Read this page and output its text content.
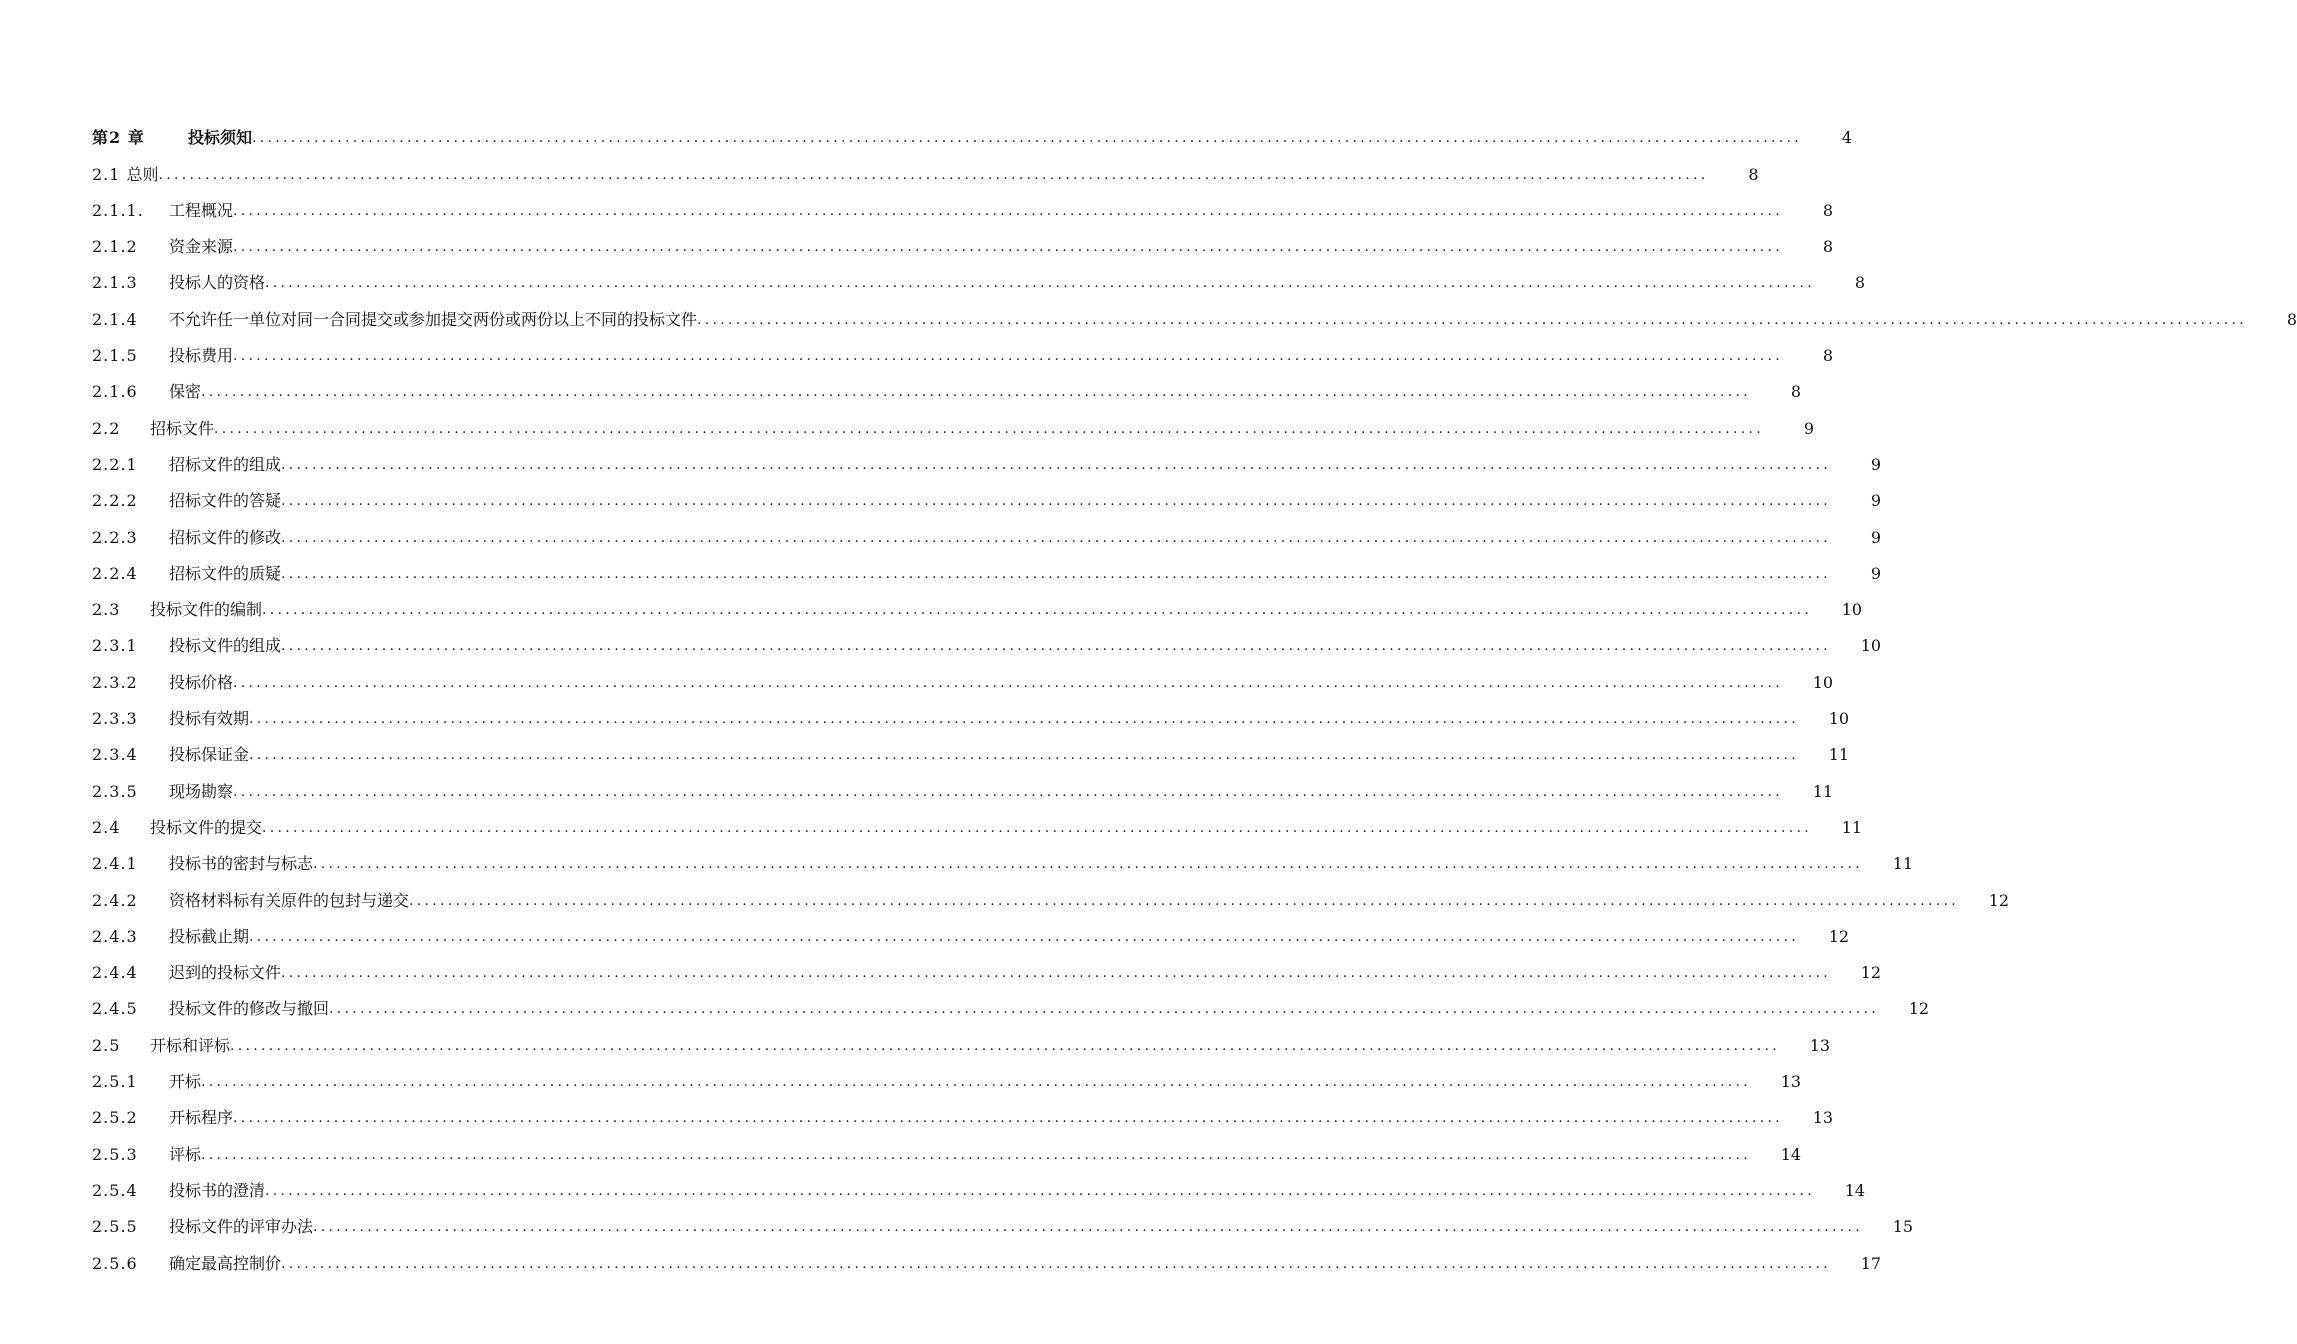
第2 章	投标须知 ........................................................................................................................................................................................................	4
2.1 总则 ........................................................................................................................................................................................................	8
2.1.1.	工程概况 ........................................................................................................................................................................................................	8
2.1.2	资金来源 ........................................................................................................................................................................................................	8
2.1.3	投标人的资格 ........................................................................................................................................................................................................	8
2.1.4	不允许任一单位对同一合同提交或参加提交两份或两份以上不同的投标文件 ........................................................................................................................................................................................................	8
2.1.5	投标费用 ........................................................................................................................................................................................................	8
2.1.6	保密 ........................................................................................................................................................................................................	8
2.2	招标文件 ........................................................................................................................................................................................................	9
2.2.1	招标文件的组成 ........................................................................................................................................................................................................	9
2.2.2	招标文件的答疑 ........................................................................................................................................................................................................	9
2.2.3	招标文件的修改 ........................................................................................................................................................................................................	9
2.2.4	招标文件的质疑 ........................................................................................................................................................................................................	9
2.3	投标文件的编制 ........................................................................................................................................................................................................	10
2.3.1	投标文件的组成 ........................................................................................................................................................................................................	10
2.3.2	投标价格 ........................................................................................................................................................................................................	10
2.3.3	投标有效期 ........................................................................................................................................................................................................	10
2.3.4	投标保证金 ........................................................................................................................................................................................................	11
2.3.5	现场勘察 ........................................................................................................................................................................................................	11
2.4	投标文件的提交 ........................................................................................................................................................................................................	11
2.4.1	投标书的密封与标志 ........................................................................................................................................................................................................	11
2.4.2	资格材料标有关原件的包封与递交 ........................................................................................................................................................................................................	12
2.4.3	投标截止期 ........................................................................................................................................................................................................	12
2.4.4	迟到的投标文件 ........................................................................................................................................................................................................	12
2.4.5	投标文件的修改与撤回 ........................................................................................................................................................................................................	12
2.5	开标和评标 ........................................................................................................................................................................................................	13
2.5.1	开标 ........................................................................................................................................................................................................	13
2.5.2	开标程序 ........................................................................................................................................................................................................	13
2.5.3	评标 ........................................................................................................................................................................................................	14
2.5.4	投标书的澄清 ........................................................................................................................................................................................................	14
2.5.5	投标文件的评审办法 ........................................................................................................................................................................................................	15
2.5.6	确定最高控制价 ........................................................................................................................................................................................................	17
